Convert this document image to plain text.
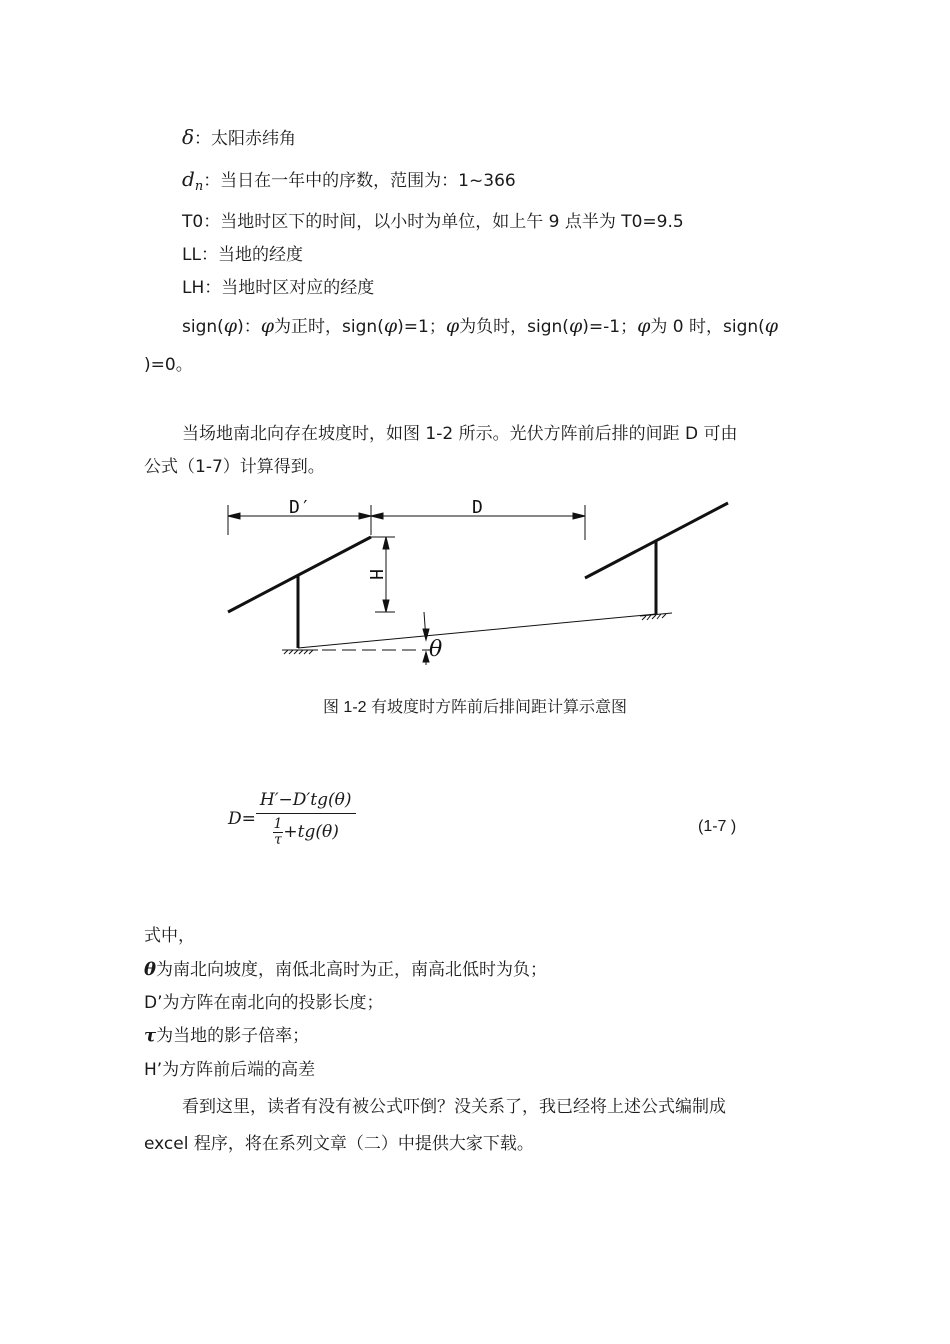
δ：太阳赤纬角
$d_n$：当日在一年中的序数，范围为：1~366
T0：当地时区下的时间，以小时为单位，如上午 9 点半为 T0=9.5
LL：当地的经度
LH：当地时区对应的经度
sign(φ)：φ为正时，sign(φ)=1；φ为负时，sign(φ)=-1；φ为 0 时，sign(φ
)=0。
当场地南北向存在坡度时，如图 1-2 所示。光伏方阵前后排的间距 D 可由
公式（1-7）计算得到。
D′	D
H
θ
图 1-2 有坡度时方阵前后排间距计算示意图
$D= \frac{H'-D'tg(\theta)}{\frac{1}{\tau} +tg(\theta)}$	(1-7 )
式中，
θ为南北向坡度，南低北高时为正，南高北低时为负；
D’为方阵在南北向的投影长度；
τ为当地的影子倍率；
H’为方阵前后端的高差
看到这里，读者有没有被公式吓倒？没关系了，我已经将上述公式编制成
excel 程序，将在系列文章（二）中提供大家下载。
